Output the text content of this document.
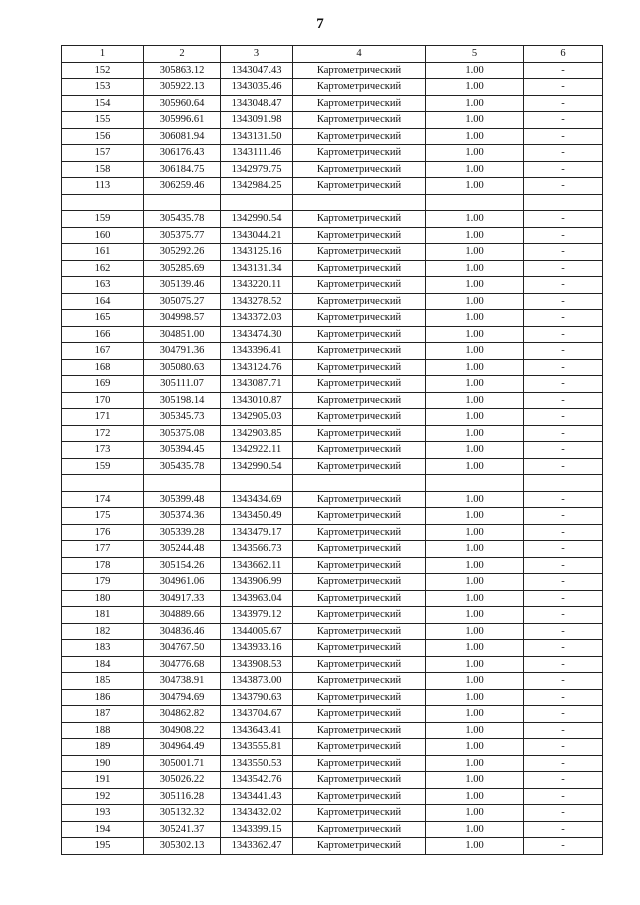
7
1	2	3	4	5	6
152	305863.12	1343047.43	Картометрический	1.00	-
153	305922.13	1343035.46	Картометрический	1.00	-
154	305960.64	1343048.47	Картометрический	1.00	-
155	305996.61	1343091.98	Картометрический	1.00	-
156	306081.94	1343131.50	Картометрический	1.00	-
157	306176.43	1343111.46	Картометрический	1.00	-
158	306184.75	1342979.75	Картометрический	1.00	-
113	306259.46	1342984.25	Картометрический	1.00	-

159	305435.78	1342990.54	Картометрический	1.00	-
160	305375.77	1343044.21	Картометрический	1.00	-
161	305292.26	1343125.16	Картометрический	1.00	-
162	305285.69	1343131.34	Картометрический	1.00	-
163	305139.46	1343220.11	Картометрический	1.00	-
164	305075.27	1343278.52	Картометрический	1.00	-
165	304998.57	1343372.03	Картометрический	1.00	-
166	304851.00	1343474.30	Картометрический	1.00	-
167	304791.36	1343396.41	Картометрический	1.00	-
168	305080.63	1343124.76	Картометрический	1.00	-
169	305111.07	1343087.71	Картометрический	1.00	-
170	305198.14	1343010.87	Картометрический	1.00	-
171	305345.73	1342905.03	Картометрический	1.00	-
172	305375.08	1342903.85	Картометрический	1.00	-
173	305394.45	1342922.11	Картометрический	1.00	-
159	305435.78	1342990.54	Картометрический	1.00	-

174	305399.48	1343434.69	Картометрический	1.00	-
175	305374.36	1343450.49	Картометрический	1.00	-
176	305339.28	1343479.17	Картометрический	1.00	-
177	305244.48	1343566.73	Картометрический	1.00	-
178	305154.26	1343662.11	Картометрический	1.00	-
179	304961.06	1343906.99	Картометрический	1.00	-
180	304917.33	1343963.04	Картометрический	1.00	-
181	304889.66	1343979.12	Картометрический	1.00	-
182	304836.46	1344005.67	Картометрический	1.00	-
183	304767.50	1343933.16	Картометрический	1.00	-
184	304776.68	1343908.53	Картометрический	1.00	-
185	304738.91	1343873.00	Картометрический	1.00	-
186	304794.69	1343790.63	Картометрический	1.00	-
187	304862.82	1343704.67	Картометрический	1.00	-
188	304908.22	1343643.41	Картометрический	1.00	-
189	304964.49	1343555.81	Картометрический	1.00	-
190	305001.71	1343550.53	Картометрический	1.00	-
191	305026.22	1343542.76	Картометрический	1.00	-
192	305116.28	1343441.43	Картометрический	1.00	-
193	305132.32	1343432.02	Картометрический	1.00	-
194	305241.37	1343399.15	Картометрический	1.00	-
195	305302.13	1343362.47	Картометрический	1.00	-
